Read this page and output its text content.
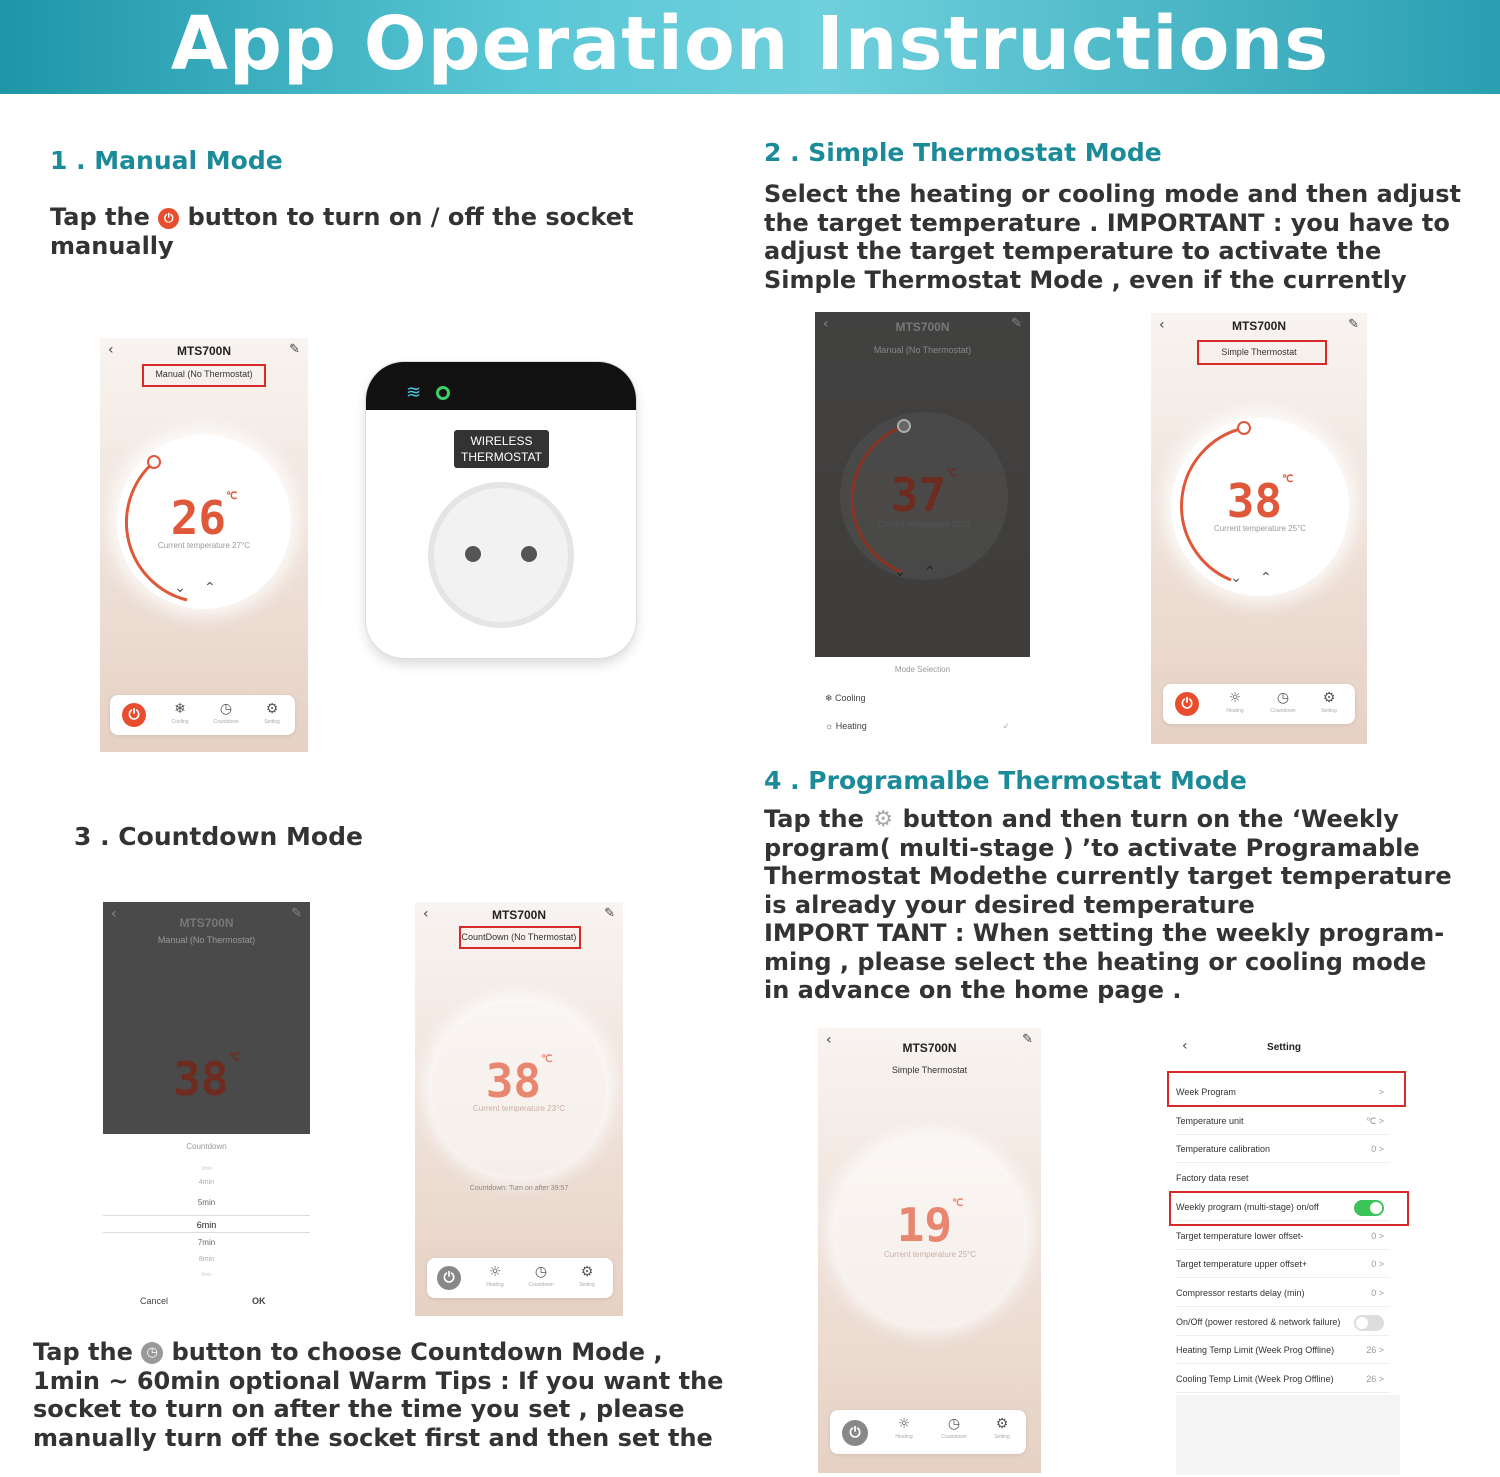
App Operation Instructions
1 . Manual Mode
Tap the ⏻ button to turn on / off the socket
manually
‹	MTS700N	✎
Manual (No Thermostat)
26℃
Current temperature 27°C
⌄⌃
⏻	❄
Cooling
◷
Countdown
⚙
Setting
≋
WIRELESS
THERMOSTAT
2 . Simple Thermostat Mode
Select the heating or cooling mode and then adjust
the target temperature . IMPORTANT : you have to
adjust the target temperature to activate the
Simple Thermostat Mode , even if the currently
‹	MTS700N	✎
Manual (No Thermostat)
37℃
Current temperature 25°C
⌄⌃
Mode Selection
❄ Cooling
☼ Heating	✓
‹	MTS700N	✎
Simple Thermostat
38℃
Current temperature 25°C
⌄⌃
⏻	☼
Heating
◷
Countdown
⚙
Setting
3 . Countdown Mode
‹
MTS700N
✎
Manual (No Thermostat)
38℃
Countdown
3min
4min
5min
6min
7min
8min
9min
Cancel	OK
‹	MTS700N	✎
CountDown (No Thermostat)
38℃
Current temperature 23°C
Countdown: Turn on after 39:57
⏻	☼
Heating
◷
Countdown
⚙
Setting
Tap the ◷ button to choose Countdown Mode ,
1min ~ 60min optional Warm Tips : If you want the
socket to turn on after the time you set , please
manually turn off the socket first and then set the
4 . Programalbe Thermostat Mode
Tap the ⚙ button and then turn on the ‘Weekly
program( multi-stage ) ’to activate Programable
Thermostat Modethe currently target temperature
is already your desired temperature
IMPORT TANT : When setting the weekly program-
ming , please select the heating or cooling mode
in advance on the home page .
‹	MTS700N
✎
Simple Thermostat
19℃
Current temperature 25°C
⏻
☼
Heating
◷
Countdown
⚙
Setting
‹	Setting
Week Program	>
Temperature unit	℃ >
Temperature calibration	0 >
Factory data reset
Weekly program (multi-stage) on/off
Target temperature lower offset-	0 >
Target temperature upper offset+	0 >
Compressor restarts delay (min)	0 >
On/Off (power restored & network failure)
Heating Temp Limit (Week Prog Offline)	26 >
Cooling Temp Limit (Week Prog Offline)	26 >
